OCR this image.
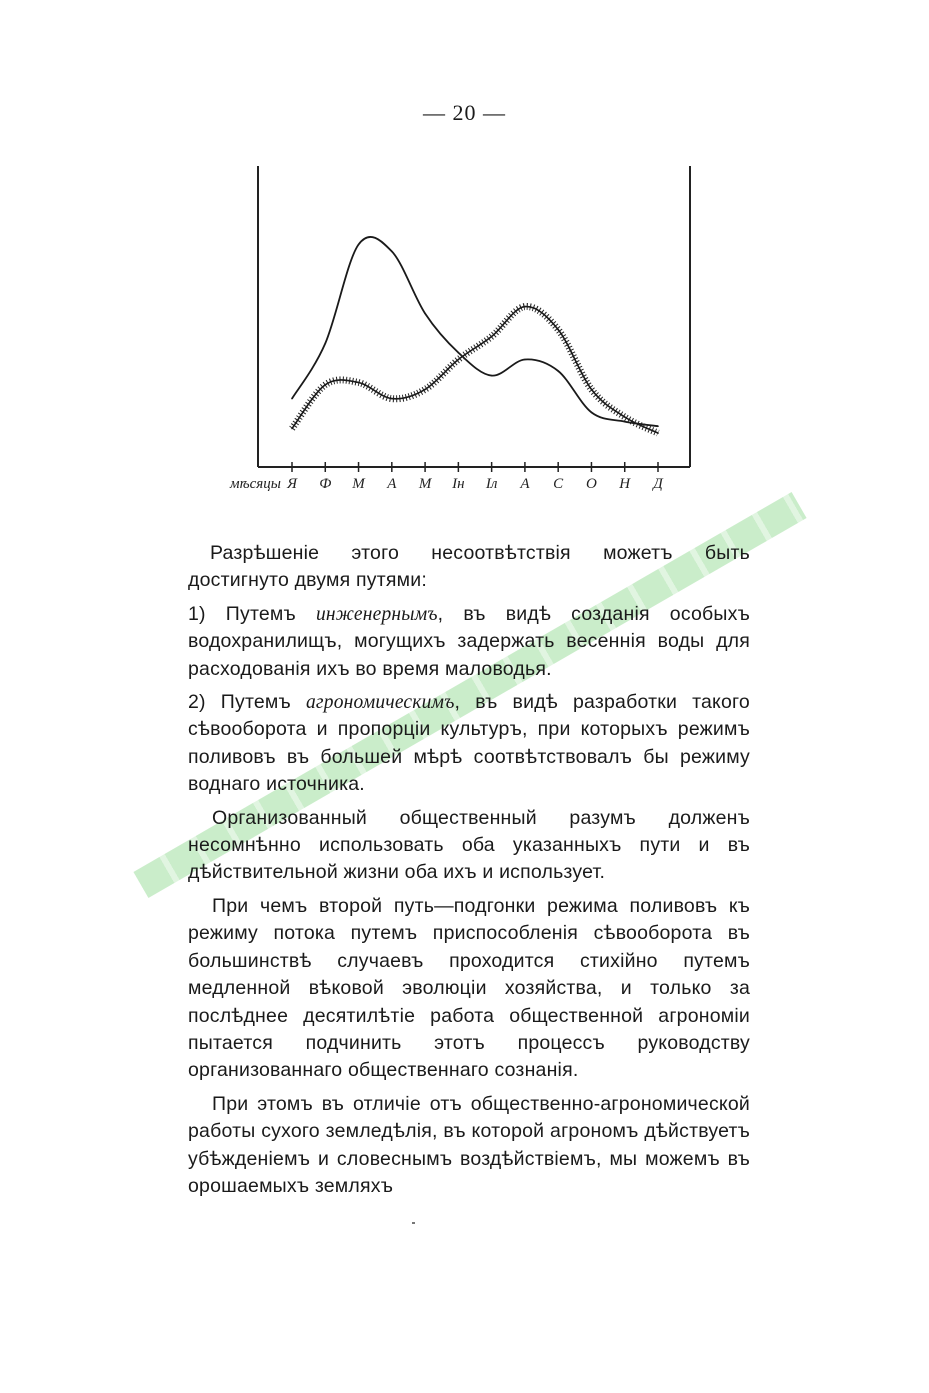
— 20 —
мѣсяцы Я Ф М А М Ін Іл А С О Н Д

Разрѣшеніе этого несоотвѣтствія можетъ быть достигнуто двумя путями:

1) Путемъ инженернымъ, въ видѣ созданія особыхъ водохранилищъ, могущихъ задержать весеннія воды для расходованія ихъ во время маловодья.

2) Путемъ агрономическимъ, въ видѣ разработки такого сѣвооборота и пропорціи культуръ, при которыхъ режимъ поливовъ въ большей мѣрѣ соотвѣтствовалъ бы режиму воднаго источника.

Организованный общественный разумъ долженъ несомнѣнно использовать оба указанныхъ пути и въ дѣйствительной жизни оба ихъ и использует.

При чемъ второй путь—подгонки режима поливовъ къ режиму потока путемъ приспособленія сѣвооборота въ большинствѣ случаевъ проходится стихійно путемъ медленной вѣковой эволюціи хозяйства, и только за послѣднее десятилѣтіе работа общественной агрономіи пытается подчинить этотъ процессъ руководству организованнаго общественнаго сознанія.

При этомъ въ отличіе отъ общественно-агрономической работы сухого земледѣлія, въ которой агрономъ дѣйствуетъ убѣжденіемъ и словеснымъ воздѣйствіемъ, мы можемъ въ орошаемыхъ земляхъ
